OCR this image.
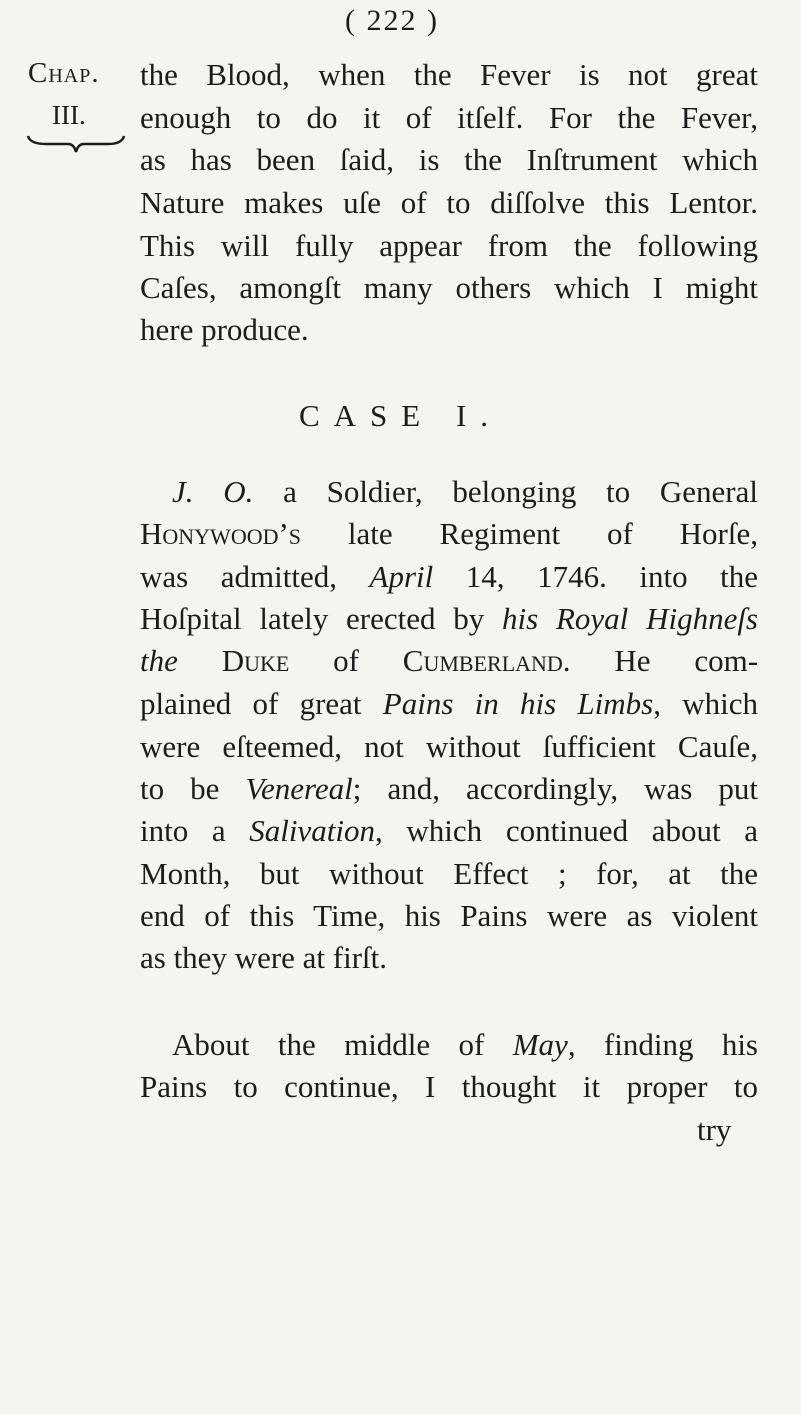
( 222 )
Chap.
III.
CASE I.
the Blood, when the Fever is not great
enough to do it of itſelf. For the Fever,
as has been ſaid, is the Inſtrument which
Nature makes uſe of to diſſolve this Lentor.
This will fully appear from the following
Caſes, amongſt many others which I might
here produce.
J. O. a Soldier, belonging to General
Honywood’s late Regiment of Horſe,
was admitted, April 14, 1746. into the
Hoſpital lately erected by his Royal Highneſs
the Duke of Cumberland. He com-
plained of great Pains in his Limbs, which
were eſteemed, not without ſufficient Cauſe,
to be Venereal; and, accordingly, was put
into a Salivation, which continued about a
Month, but without Effect ; for, at the
end of this Time, his Pains were as violent
as they were at firſt.
About the middle of May, finding his
Pains to continue, I thought it proper to
try
